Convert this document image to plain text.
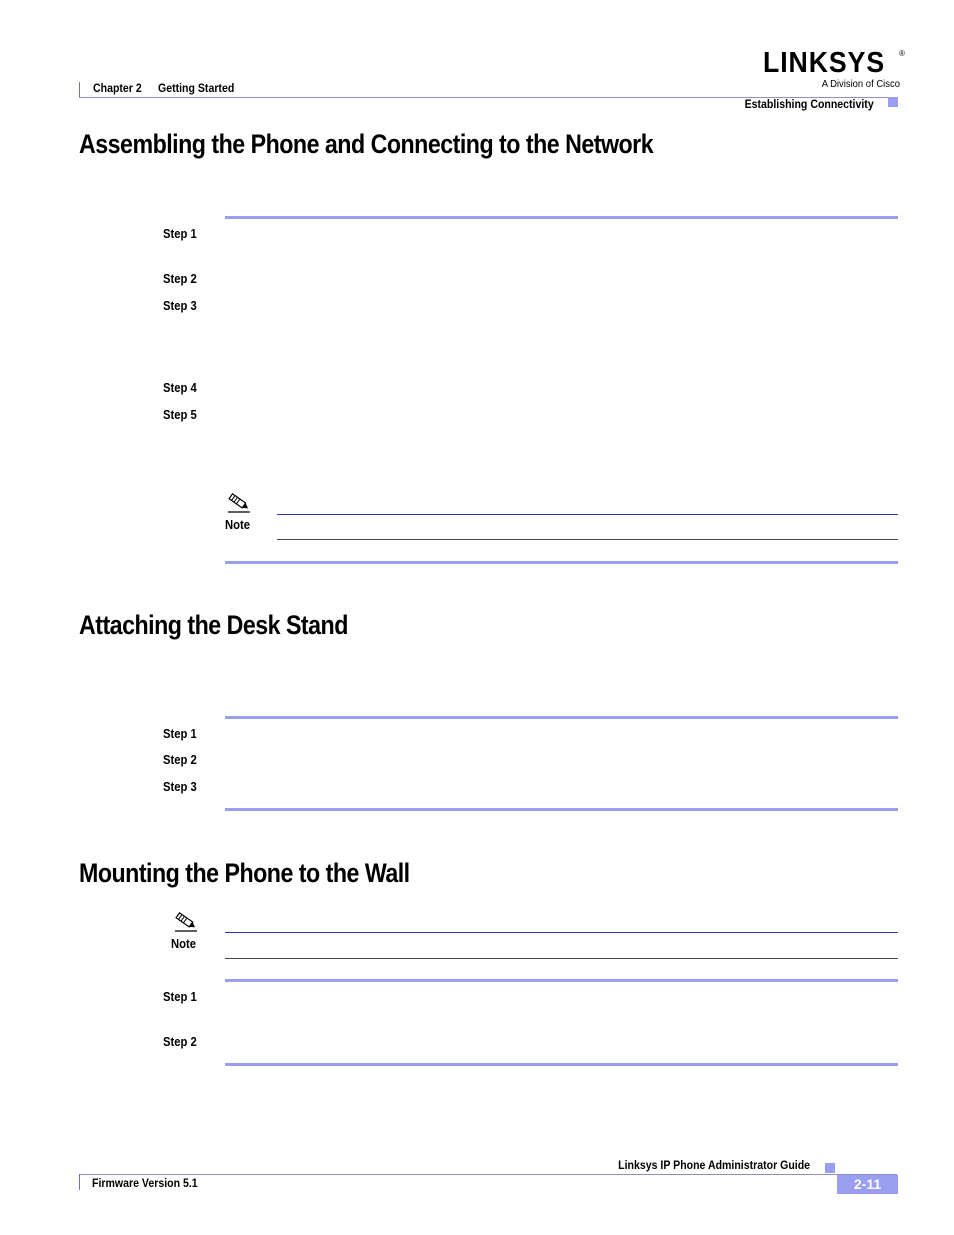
Chapter 2 Getting Started
Establishing Connectivity
LINKSYS ®
A Division of Cisco
Assembling the Phone and Connecting to the Network
Step 1
Step 2
Step 3
Step 4
Step 5
Note
Attaching the Desk Stand
Step 1
Step 2
Step 3
Mounting the Phone to the Wall
Note
Step 1
Step 2
Linksys IP Phone Administrator Guide
Firmware Version 5.1	2-11
